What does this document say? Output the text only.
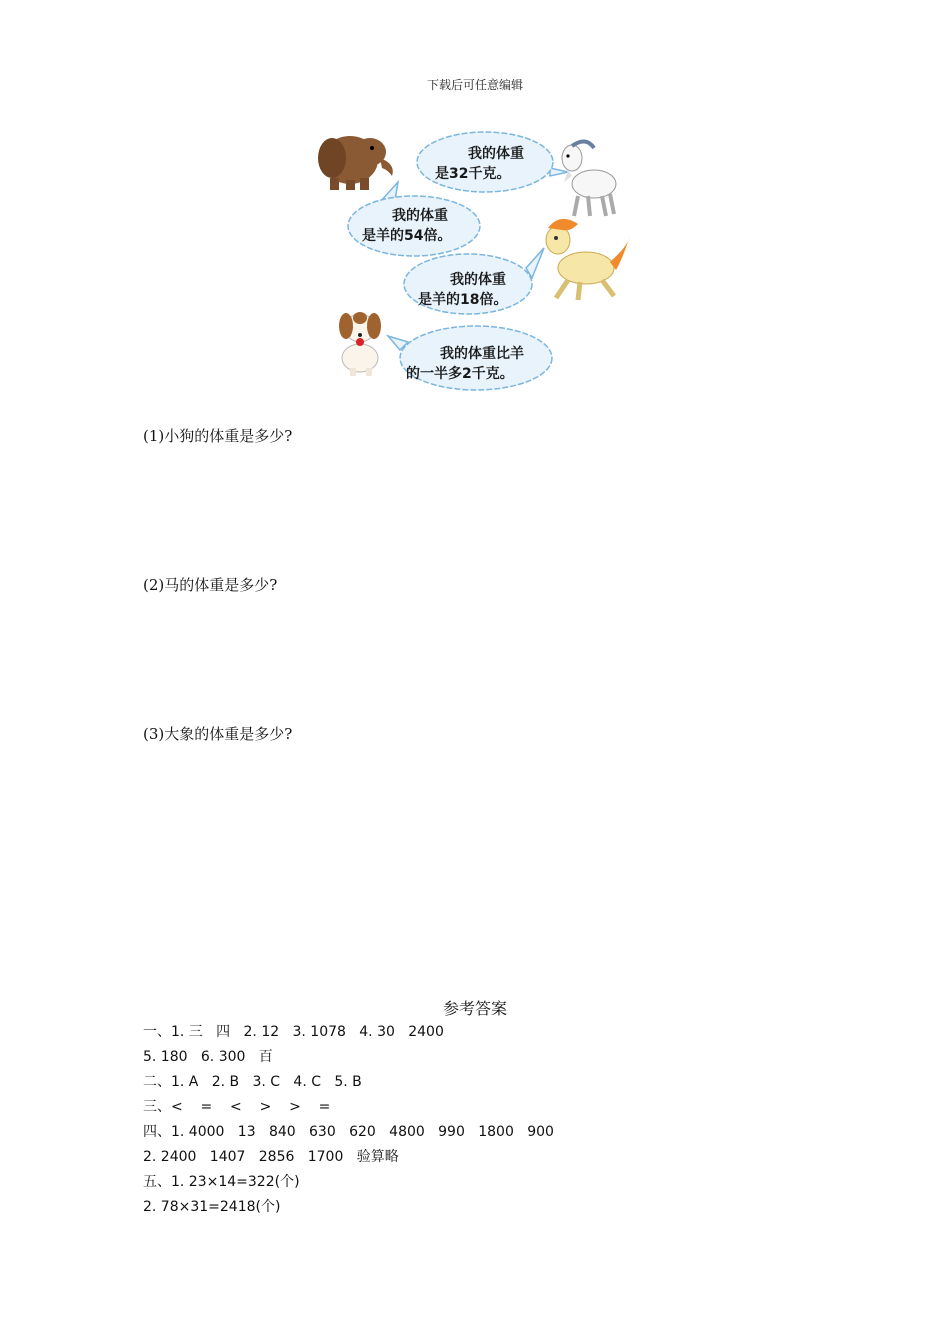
下载后可任意编辑
我的体重
是32千克。
我的体重
是羊的54倍。
我的体重
是羊的18倍。
我的体重比羊
的一半多2千克。
(1)小狗的体重是多少?
(2)马的体重是多少?
(3)大象的体重是多少?
参考答案
一、1. 三   四   2. 12   3. 1078   4. 30   2400
5. 180   6. 300   百
二、1. A   2. B   3. C   4. C   5. B
三、<    =    <    >    >    =
四、1. 4000   13   840   630   620   4800   990   1800   900
2. 2400   1407   2856   1700   验算略
五、1. 23×14=322(个)
2. 78×31=2418(个)
